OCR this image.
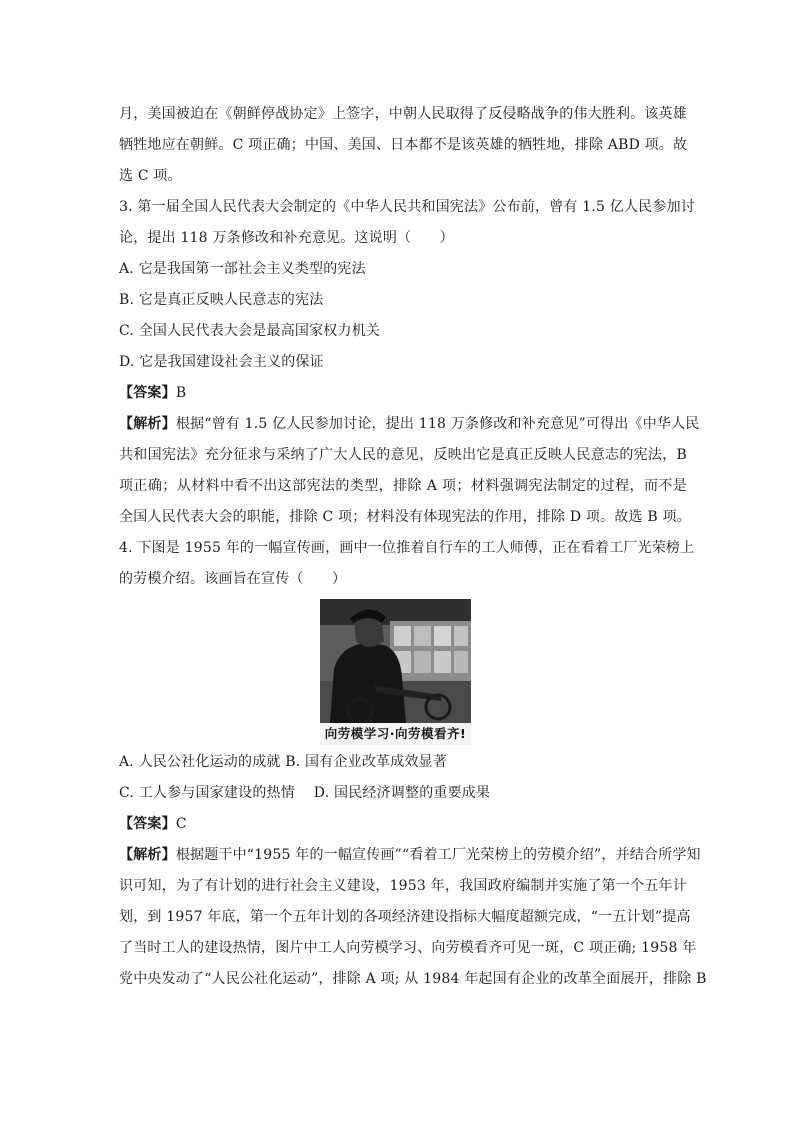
月，美国被迫在《朝鲜停战协定》上签字，中朝人民取得了反侵略战争的伟大胜利。该英雄
牺牲地应在朝鲜。C 项正确；中国、美国、日本都不是该英雄的牺牲地，排除 ABD 项。故
选 C 项。
3. 第一届全国人民代表大会制定的《中华人民共和国宪法》公布前，曾有 1.5 亿人民参加讨
论，提出 118 万条修改和补充意见。这说明（　　）
A. 它是我国第一部社会主义类型的宪法
B. 它是真正反映人民意志的宪法
C. 全国人民代表大会是最高国家权力机关
D. 它是我国建设社会主义的保证
【答案】B
【解析】根据“曾有 1.5 亿人民参加讨论，提出 118 万条修改和补充意见”可得出《中华人民
共和国宪法》充分征求与采纳了广大人民的意见，反映出它是真正反映人民意志的宪法，B
项正确；从材料中看不出这部宪法的类型，排除 A 项；材料强调宪法制定的过程，而不是
全国人民代表大会的职能，排除 C 项；材料没有体现宪法的作用，排除 D 项。故选 B 项。
4. 下图是 1955 年的一幅宣传画，画中一位推着自行车的工人师傅，正在看着工厂光荣榜上
的劳模介绍。该画旨在宣传（　　）
向劳模学习·向劳模看齐!
A. 人民公社化运动的成就 B. 国有企业改革成效显著
C. 工人参与国家建设的热情　 D. 国民经济调整的重要成果
【答案】C
【解析】根据题干中“1955 年的一幅宣传画”“看着工厂光荣榜上的劳模介绍”，并结合所学知
识可知，为了有计划的进行社会主义建设，1953 年，我国政府编制并实施了第一个五年计
划，到 1957 年底，第一个五年计划的各项经济建设指标大幅度超额完成，“一五计划”提高
了当时工人的建设热情，图片中工人向劳模学习、向劳模看齐可见一斑，C 项正确; 1958 年
党中央发动了“人民公社化运动”，排除 A 项; 从 1984 年起国有企业的改革全面展开，排除 B
